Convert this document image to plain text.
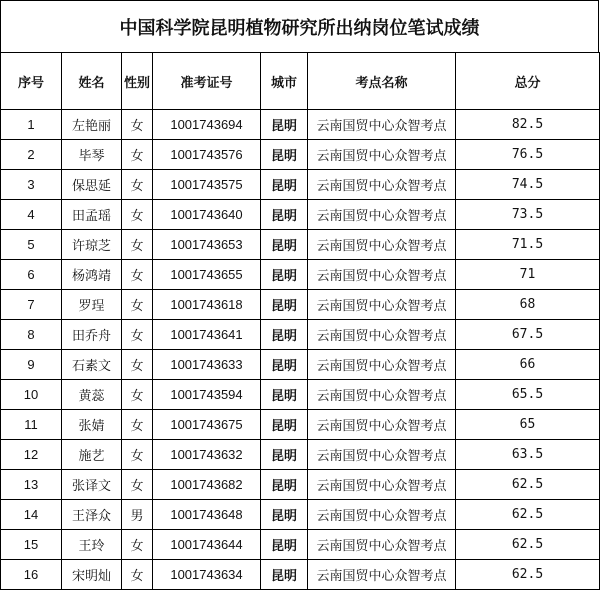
中国科学院昆明植物研究所出纳岗位笔试成绩
序号	姓名	性别	准考证号	城市	考点名称	总分
1	左艳丽	女	1001743694	昆明	云南国贸中心众智考点	82.5
2	毕琴	女	1001743576	昆明	云南国贸中心众智考点	76.5
3	保思延	女	1001743575	昆明	云南国贸中心众智考点	74.5
4	田孟瑶	女	1001743640	昆明	云南国贸中心众智考点	73.5
5	许琼芝	女	1001743653	昆明	云南国贸中心众智考点	71.5
6	杨鸿靖	女	1001743655	昆明	云南国贸中心众智考点	71
7	罗珵	女	1001743618	昆明	云南国贸中心众智考点	68
8	田乔舟	女	1001743641	昆明	云南国贸中心众智考点	67.5
9	石素文	女	1001743633	昆明	云南国贸中心众智考点	66
10	黄蕊	女	1001743594	昆明	云南国贸中心众智考点	65.5
11	张婧	女	1001743675	昆明	云南国贸中心众智考点	65
12	施艺	女	1001743632	昆明	云南国贸中心众智考点	63.5
13	张译文	女	1001743682	昆明	云南国贸中心众智考点	62.5
14	王泽众	男	1001743648	昆明	云南国贸中心众智考点	62.5
15	王玲	女	1001743644	昆明	云南国贸中心众智考点	62.5
16	宋明灿	女	1001743634	昆明	云南国贸中心众智考点	62.5
